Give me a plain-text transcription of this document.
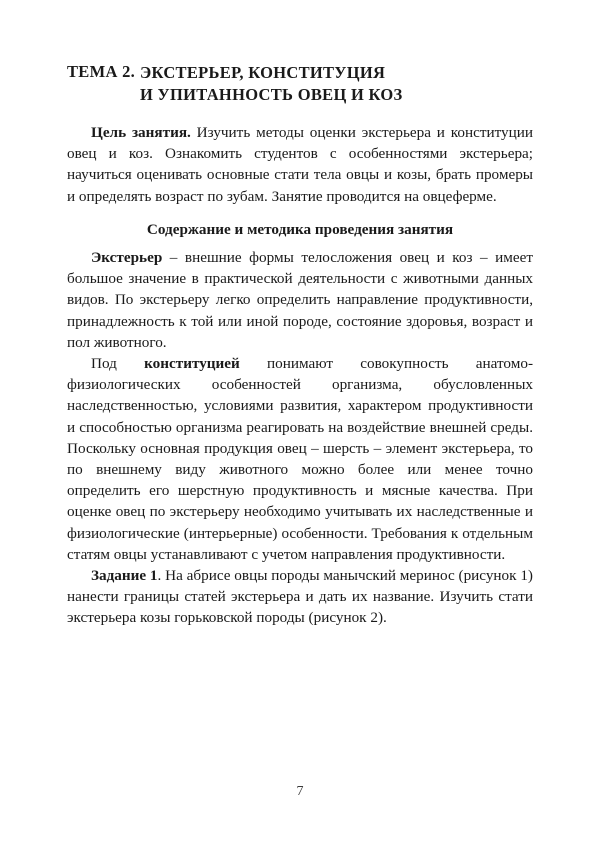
ТЕМА 2. ЭКСТЕРЬЕР, КОНСТИТУЦИЯ
И УПИТАННОСТЬ ОВЕЦ И КОЗ

Цель занятия. Изучить методы оценки экстерьера и конституции овец и коз. Ознакомить студентов с особенностями экстерьера; научиться оценивать основные стати тела овцы и козы, брать промеры и определять возраст по зубам. Занятие проводится на овцеферме.

Содержание и методика проведения занятия

Экстерьер – внешние формы телосложения овец и коз – имеет большое значение в практической деятельности с животными данных видов. По экстерьеру легко определить направление продуктивности, принадлежность к той или иной породе, состояние здоровья, возраст и пол животного.

Под конституцией понимают совокупность анатомо-физиологических особенностей организма, обусловленных наследственностью, условиями развития, характером продуктивности и способностью организма реагировать на воздействие внешней среды. Поскольку основная продукция овец – шерсть – элемент экстерьера, то по внешнему виду животного можно более или менее точно определить его шерстную продуктивность и мясные качества. При оценке овец по экстерьеру необходимо учитывать их наследственные и физиологические (интерьерные) особенности. Требования к отдельным статям овцы устанавливают с учетом направления продуктивности.

Задание 1. На абрисе овцы породы манычский меринос (рисунок 1) нанести границы статей экстерьера и дать их название. Изучить стати экстерьера козы горьковской породы (рисунок 2).

7
